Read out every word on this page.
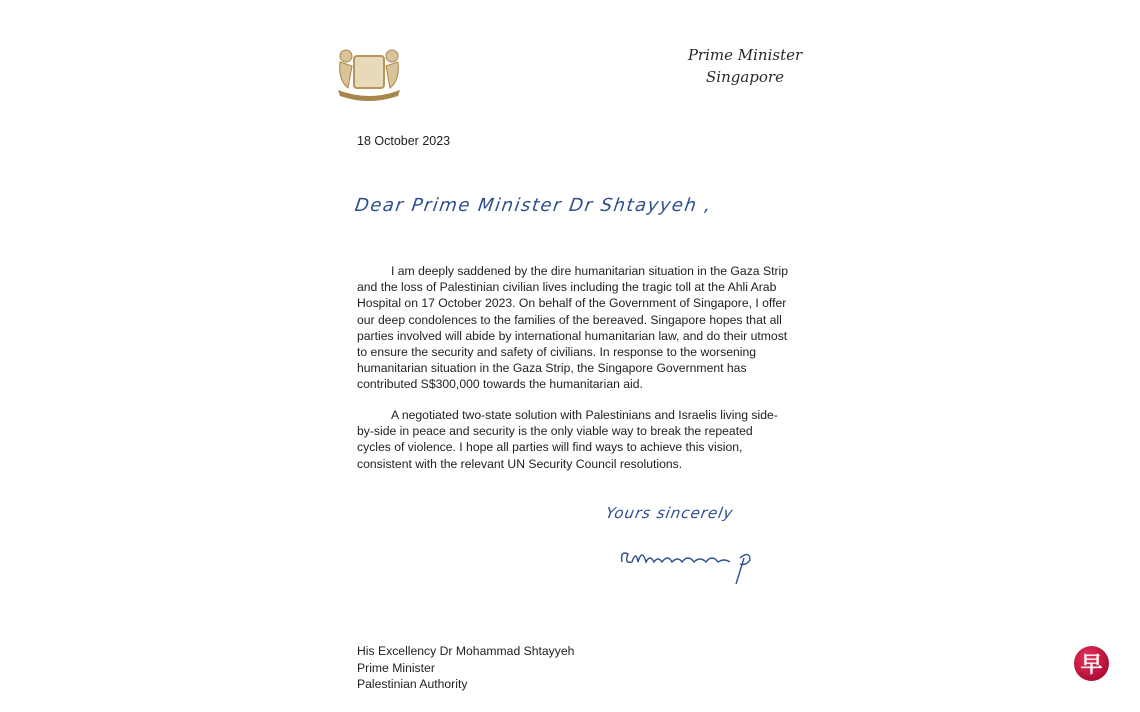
Prime Minister
Singapore
18 October 2023
Dear Prime Minister Dr Shtayyeh ,

I am deeply saddened by the dire humanitarian situation in the Gaza Strip and the loss of Palestinian civilian lives including the tragic toll at the Ahli Arab Hospital on 17 October 2023. On behalf of the Government of Singapore, I offer our deep condolences to the families of the bereaved. Singapore hopes that all parties involved will abide by international humanitarian law, and do their utmost to ensure the security and safety of civilians. In response to the worsening humanitarian situation in the Gaza Strip, the Singapore Government has contributed S$300,000 towards the humanitarian aid.

A negotiated two-state solution with Palestinians and Israelis living side-by-side in peace and security is the only viable way to break the repeated cycles of violence. I hope all parties will find ways to achieve this vision, consistent with the relevant UN Security Council resolutions.

Yours sincerely
His Excellency Dr Mohammad Shtayyeh
Prime Minister
Palestinian Authority
早
